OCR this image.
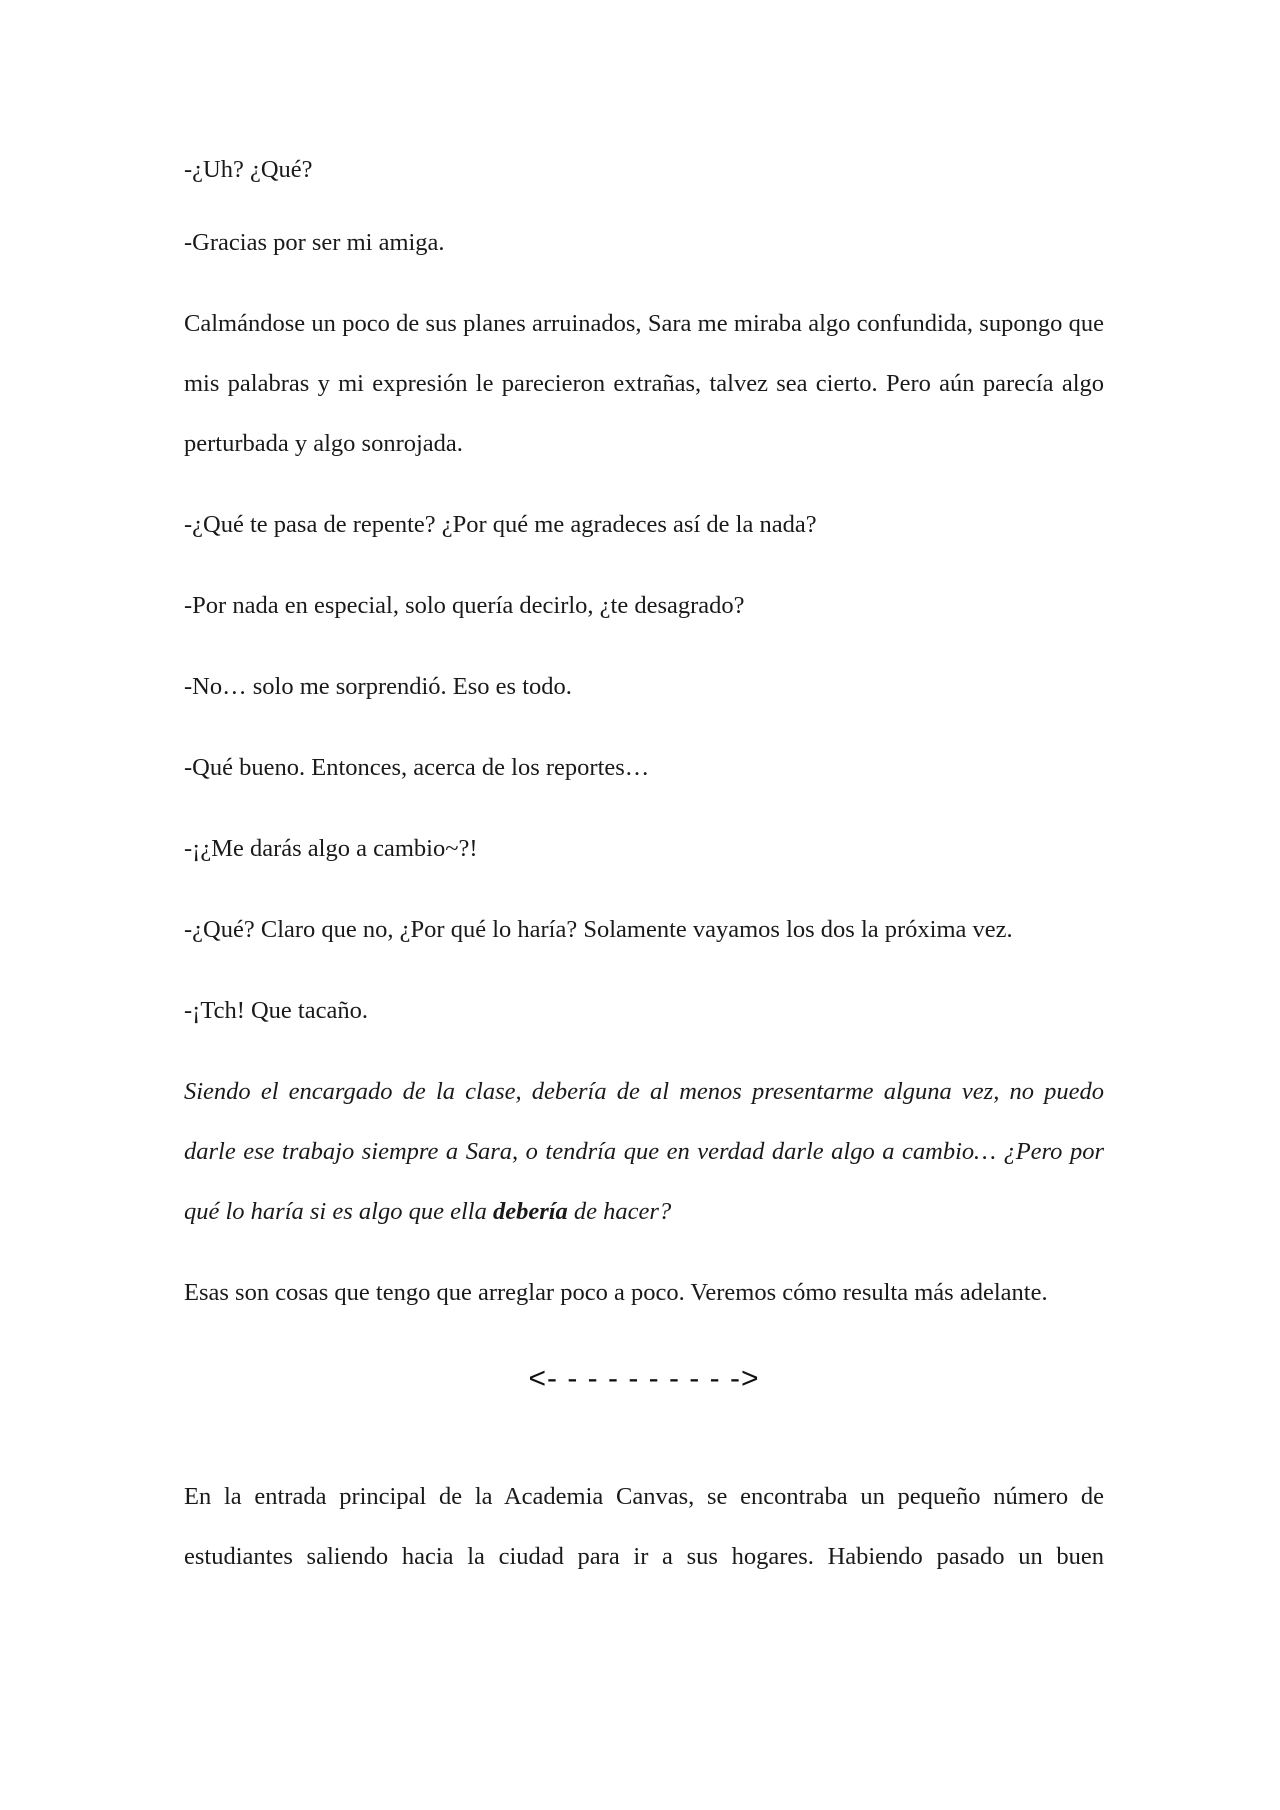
-¿Uh? ¿Qué?

-Gracias por ser mi amiga.

Calmándose un poco de sus planes arruinados, Sara me miraba algo confundida, supongo que mis palabras y mi expresión le parecieron extrañas, talvez sea cierto. Pero aún parecía algo perturbada y algo sonrojada.

-¿Qué te pasa de repente? ¿Por qué me agradeces así de la nada?

-Por nada en especial, solo quería decirlo, ¿te desagrado?

-No… solo me sorprendió. Eso es todo.

-Qué bueno. Entonces, acerca de los reportes…

-¡¿Me darás algo a cambio~?!

-¿Qué? Claro que no, ¿Por qué lo haría? Solamente vayamos los dos la próxima vez.

-¡Tch! Que tacaño.

Siendo el encargado de la clase, debería de al menos presentarme alguna vez, no puedo darle ese trabajo siempre a Sara, o tendría que en verdad darle algo a cambio… ¿Pero por qué lo haría si es algo que ella debería de hacer?

Esas son cosas que tengo que arreglar poco a poco. Veremos cómo resulta más adelante.

<- - - - - - - - - ->

En la entrada principal de la Academia Canvas, se encontraba un pequeño número de estudiantes saliendo hacia la ciudad para ir a sus hogares. Habiendo pasado un buen
